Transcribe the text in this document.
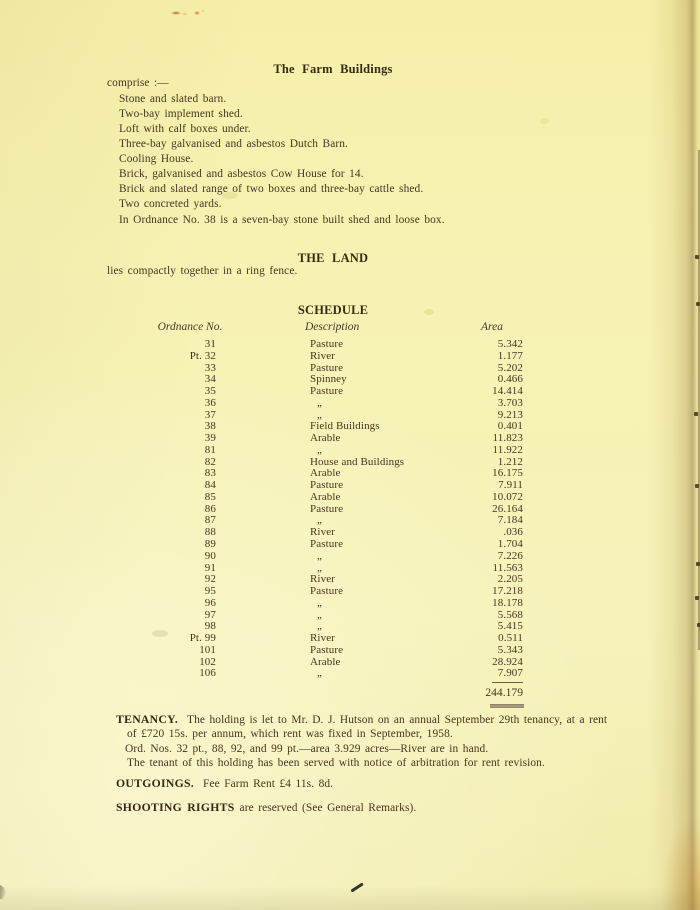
The Farm Buildings
comprise :—
Stone and slated barn.
Two-bay implement shed.
Loft with calf boxes under.
Three-bay galvanised and asbestos Dutch Barn.
Cooling House.
Brick, galvanised and asbestos Cow House for 14.
Brick and slated range of two boxes and three-bay cattle shed.
Two concreted yards.
In Ordnance No. 38 is a seven-bay stone built shed and loose box.
THE LAND
lies compactly together in a ring fence.
SCHEDULE
Ordnance No.	Description	Area
31	Pasture	5.342
Pt. 32	River	1.177
33	Pasture	5.202
34	Spinney	0.466
35	Pasture	14.414
36	„	3.703
37	„	9.213
38	Field Buildings	0.401
39	Arable	11.823
81	„	11.922
82	House and Buildings	1.212
83	Arable	16.175
84	Pasture	7.911
85	Arable	10.072
86	Pasture	26.164
87	„	7.184
88	River	.036
89	Pasture	1.704
90	„	7.226
91	„	11.563
92	River	2.205
95	Pasture	17.218
96	„	18.178
97	„	5.568
98	„	5.415
Pt. 99	River	0.511
101	Pasture	5.343
102	Arable	28.924
106	„	7.907
244.179
TENANCY. The holding is let to Mr. D. J. Hutson on an annual September 29th tenancy, at a rent
of £720 15s. per annum, which rent was fixed in September, 1958.
Ord. Nos. 32 pt., 88, 92, and 99 pt.—area 3.929 acres—River are in hand.
The tenant of this holding has been served with notice of arbitration for rent revision.
OUTGOINGS. Fee Farm Rent £4 11s. 8d.
SHOOTING RIGHTS are reserved (See General Remarks).
